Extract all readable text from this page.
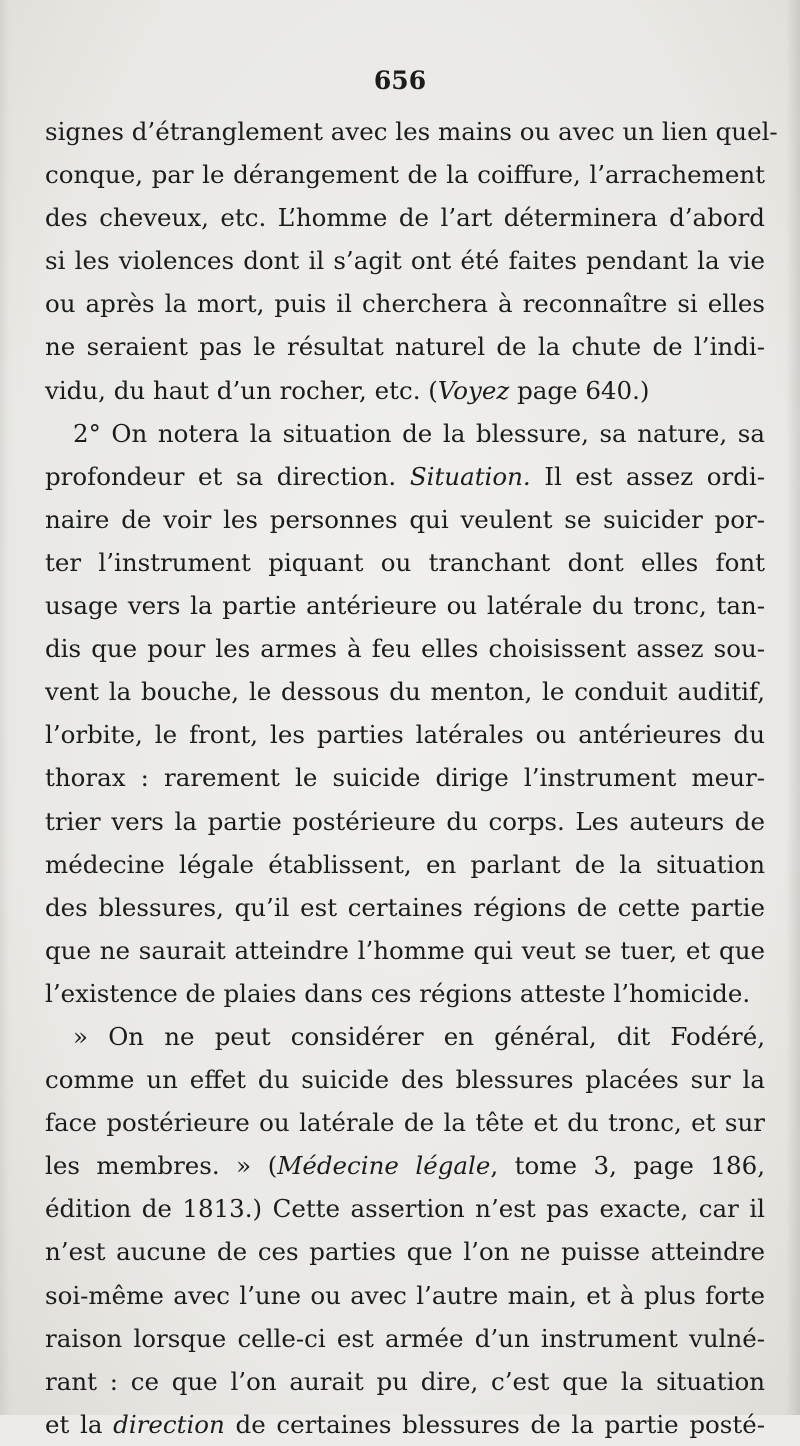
656
signes d’étranglement avec les mains ou avec un lien quel-
conque, par le dérangement de la coiffure, l’arrachement
des cheveux, etc. L’homme de l’art déterminera d’abord
si les violences dont il s’agit ont été faites pendant la vie
ou après la mort, puis il cherchera à reconnaître si elles
ne seraient pas le résultat naturel de la chute de l’indi-
vidu, du haut d’un rocher, etc. (Voyez page 640.)
2° On notera la situation de la blessure, sa nature, sa
profondeur et sa direction. Situation. Il est assez ordi-
naire de voir les personnes qui veulent se suicider por-
ter l’instrument piquant ou tranchant dont elles font
usage vers la partie antérieure ou latérale du tronc, tan-
dis que pour les armes à feu elles choisissent assez sou-
vent la bouche, le dessous du menton, le conduit auditif,
l’orbite, le front, les parties latérales ou antérieures du
thorax : rarement le suicide dirige l’instrument meur-
trier vers la partie postérieure du corps. Les auteurs de
médecine légale établissent, en parlant de la situation
des blessures, qu’il est certaines régions de cette partie
que ne saurait atteindre l’homme qui veut se tuer, et que
l’existence de plaies dans ces régions atteste l’homicide.
» On ne peut considérer en général, dit Fodéré,
comme un effet du suicide des blessures placées sur la
face postérieure ou latérale de la tête et du tronc, et sur
les membres. » (Médecine légale, tome 3, page 186,
édition de 1813.) Cette assertion n’est pas exacte, car il
n’est aucune de ces parties que l’on ne puisse atteindre
soi-même avec l’une ou avec l’autre main, et à plus forte
raison lorsque celle-ci est armée d’un instrument vulné-
rant : ce que l’on aurait pu dire, c’est que la situation
et la direction de certaines blessures de la partie posté-
